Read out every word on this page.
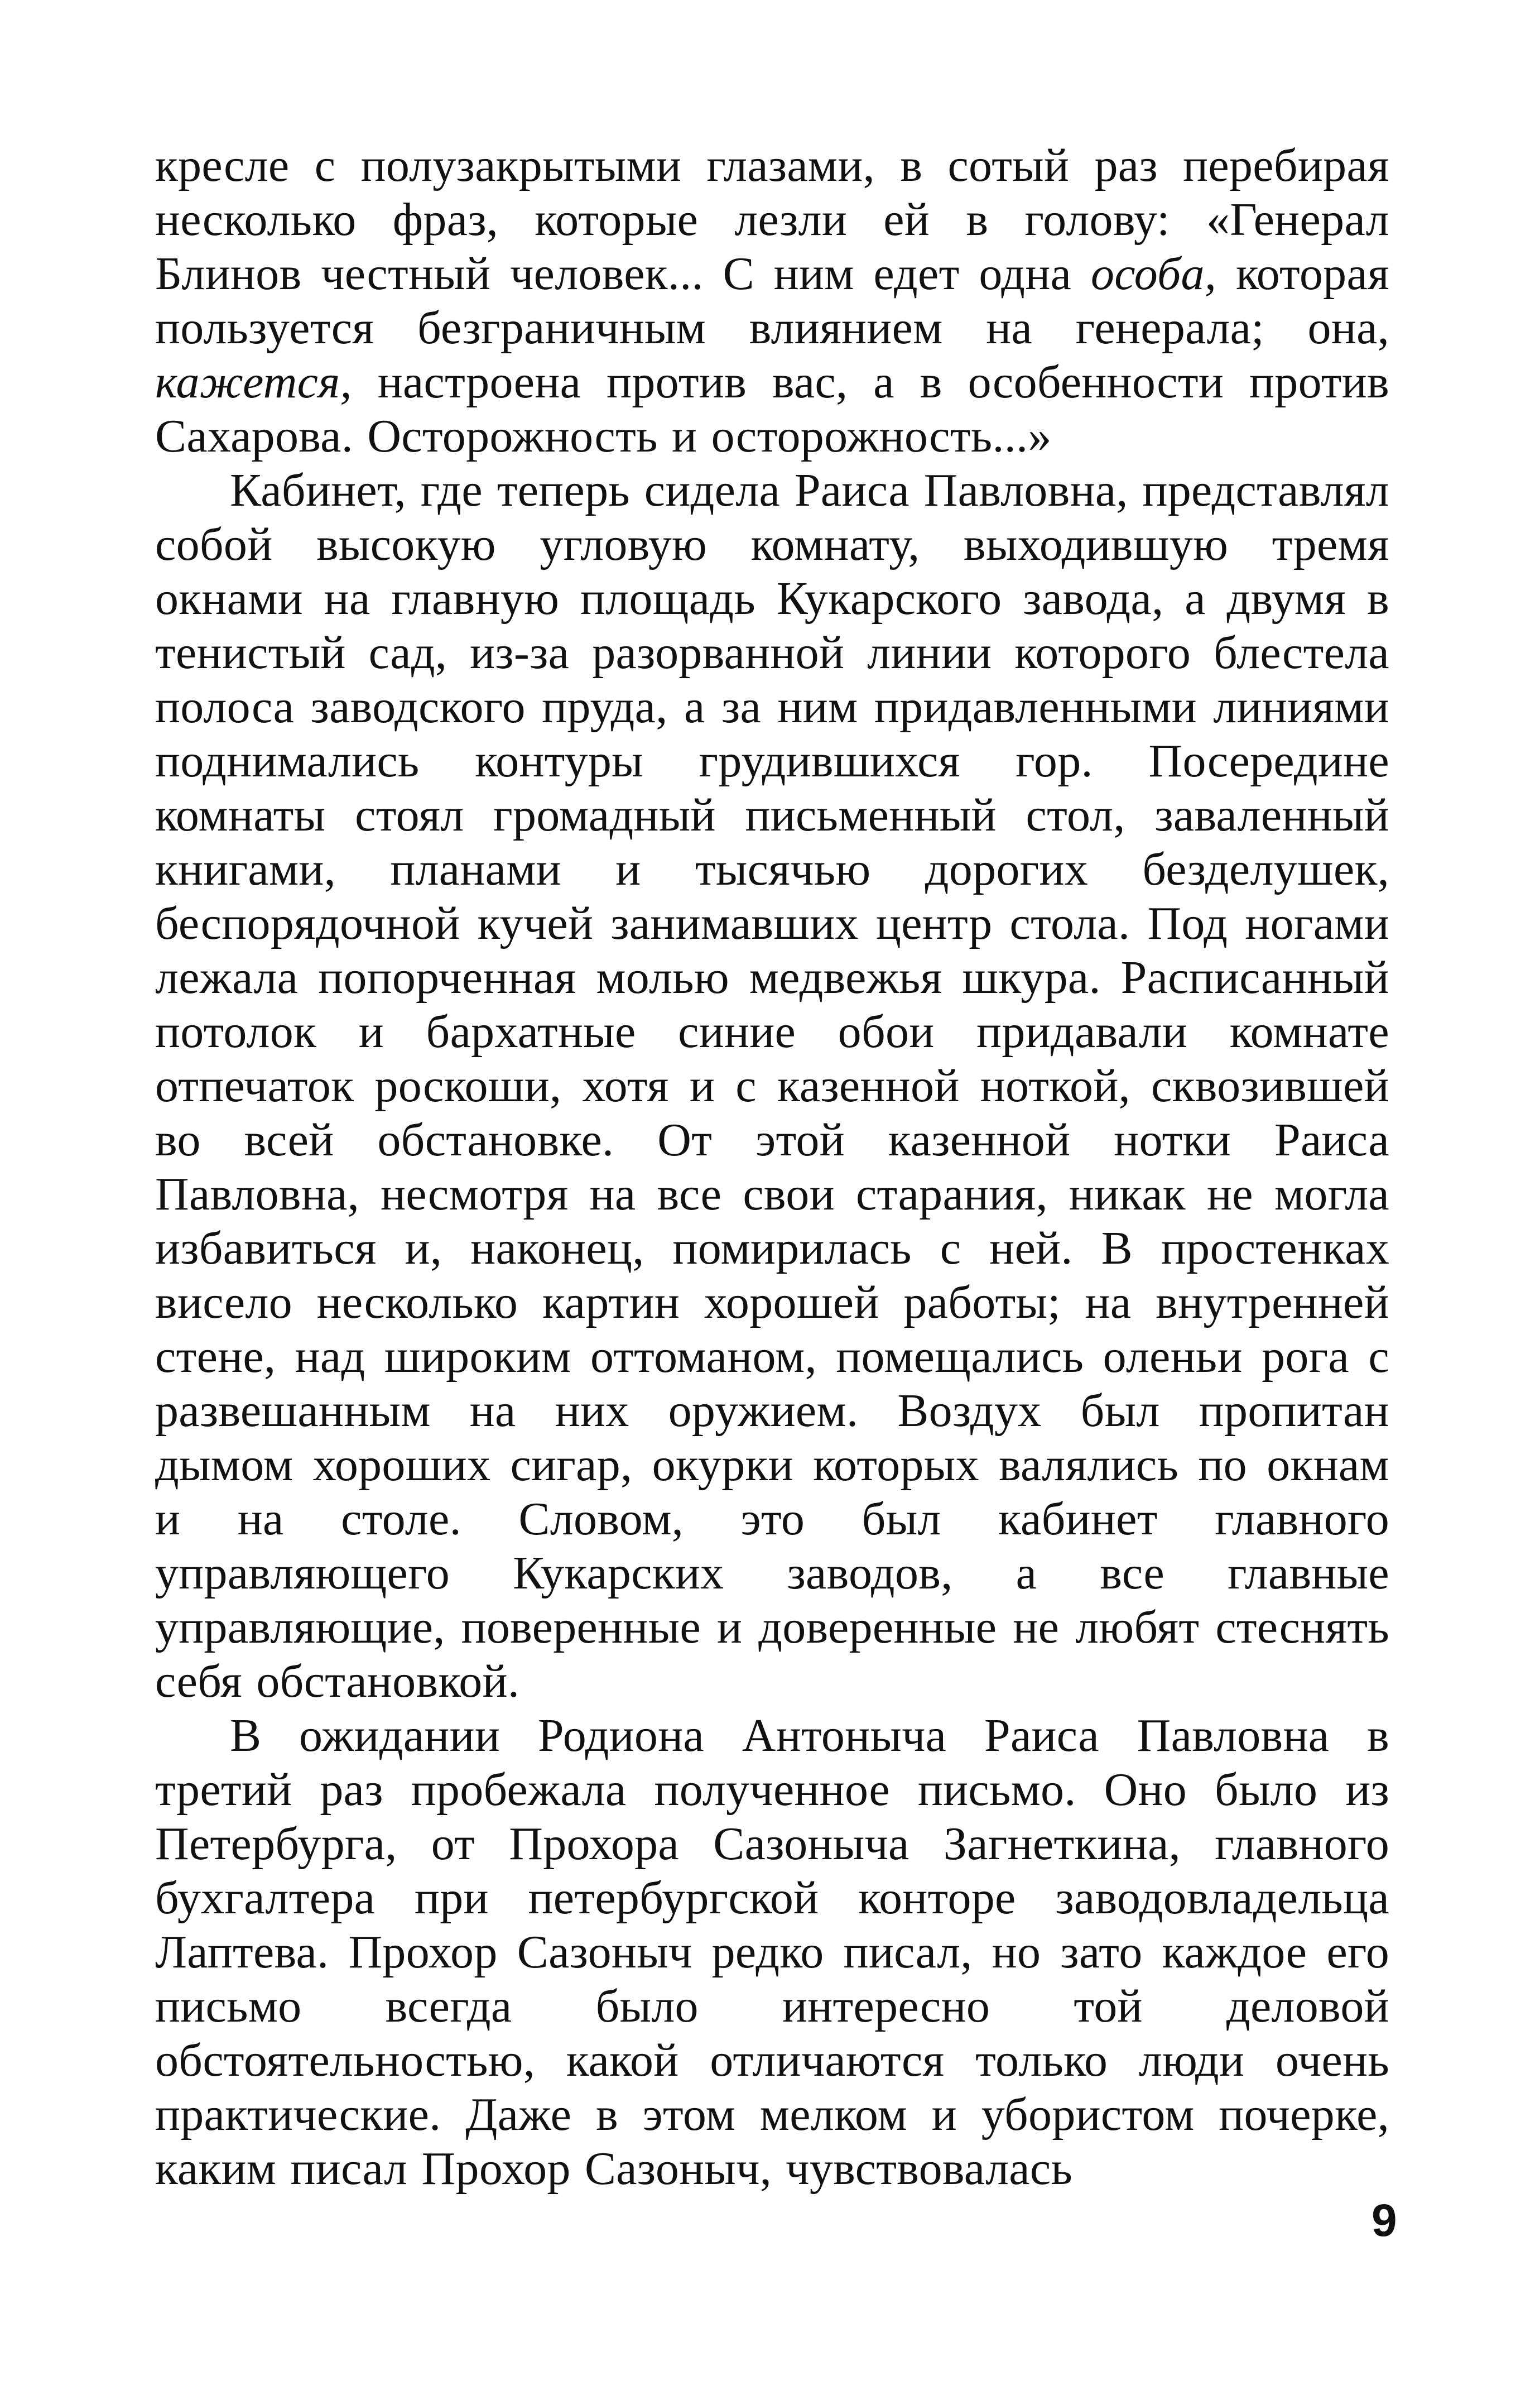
кресле с полузакрытыми глазами, в сотый раз перебирая несколько фраз, которые лезли ей в голову: «Генерал Блинов честный человек... С ним едет одна особа, которая пользуется безграничным влиянием на генерала; она, кажется, настроена против вас, а в особенности против Сахарова. Осторожность и осторожность...»

Кабинет, где теперь сидела Раиса Павловна, представлял собой высокую угловую комнату, выходившую тремя окнами на главную площадь Кукарского завода, а двумя в тенистый сад, из-за разорванной линии которого блестела полоса заводского пруда, а за ним придавленными линиями поднимались контуры грудившихся гор. Посередине комнаты стоял громадный письменный стол, заваленный книгами, планами и тысячью дорогих безделушек, беспорядочной кучей занимавших центр стола. Под ногами лежала попорченная молью медвежья шкура. Расписанный потолок и бархатные синие обои придавали комнате отпечаток роскоши, хотя и с казенной ноткой, сквозившей во всей обстановке. От этой казенной нотки Раиса Павловна, несмотря на все свои старания, никак не могла избавиться и, наконец, помирилась с ней. В простенках висело несколько картин хорошей работы; на внутренней стене, над широким оттоманом, помещались оленьи рога с развешанным на них оружием. Воздух был пропитан дымом хороших сигар, окурки которых валялись по окнам и на столе. Словом, это был кабинет главного управляющего Кукарских заводов, а все главные управляющие, поверенные и доверенные не любят стеснять себя обстановкой.

В ожидании Родиона Антоныча Раиса Павловна в третий раз пробежала полученное письмо. Оно было из Петербурга, от Прохора Сазоныча Загнеткина, главного бухгалтера при петербургской конторе заводовладельца Лаптева. Прохор Сазоныч редко писал, но зато каждое его письмо всегда было интересно той деловой обстоятельностью, какой отличаются только люди очень практические. Даже в этом мелком и убористом почерке, каким писал Прохор Сазоныч, чувствовалась

9
